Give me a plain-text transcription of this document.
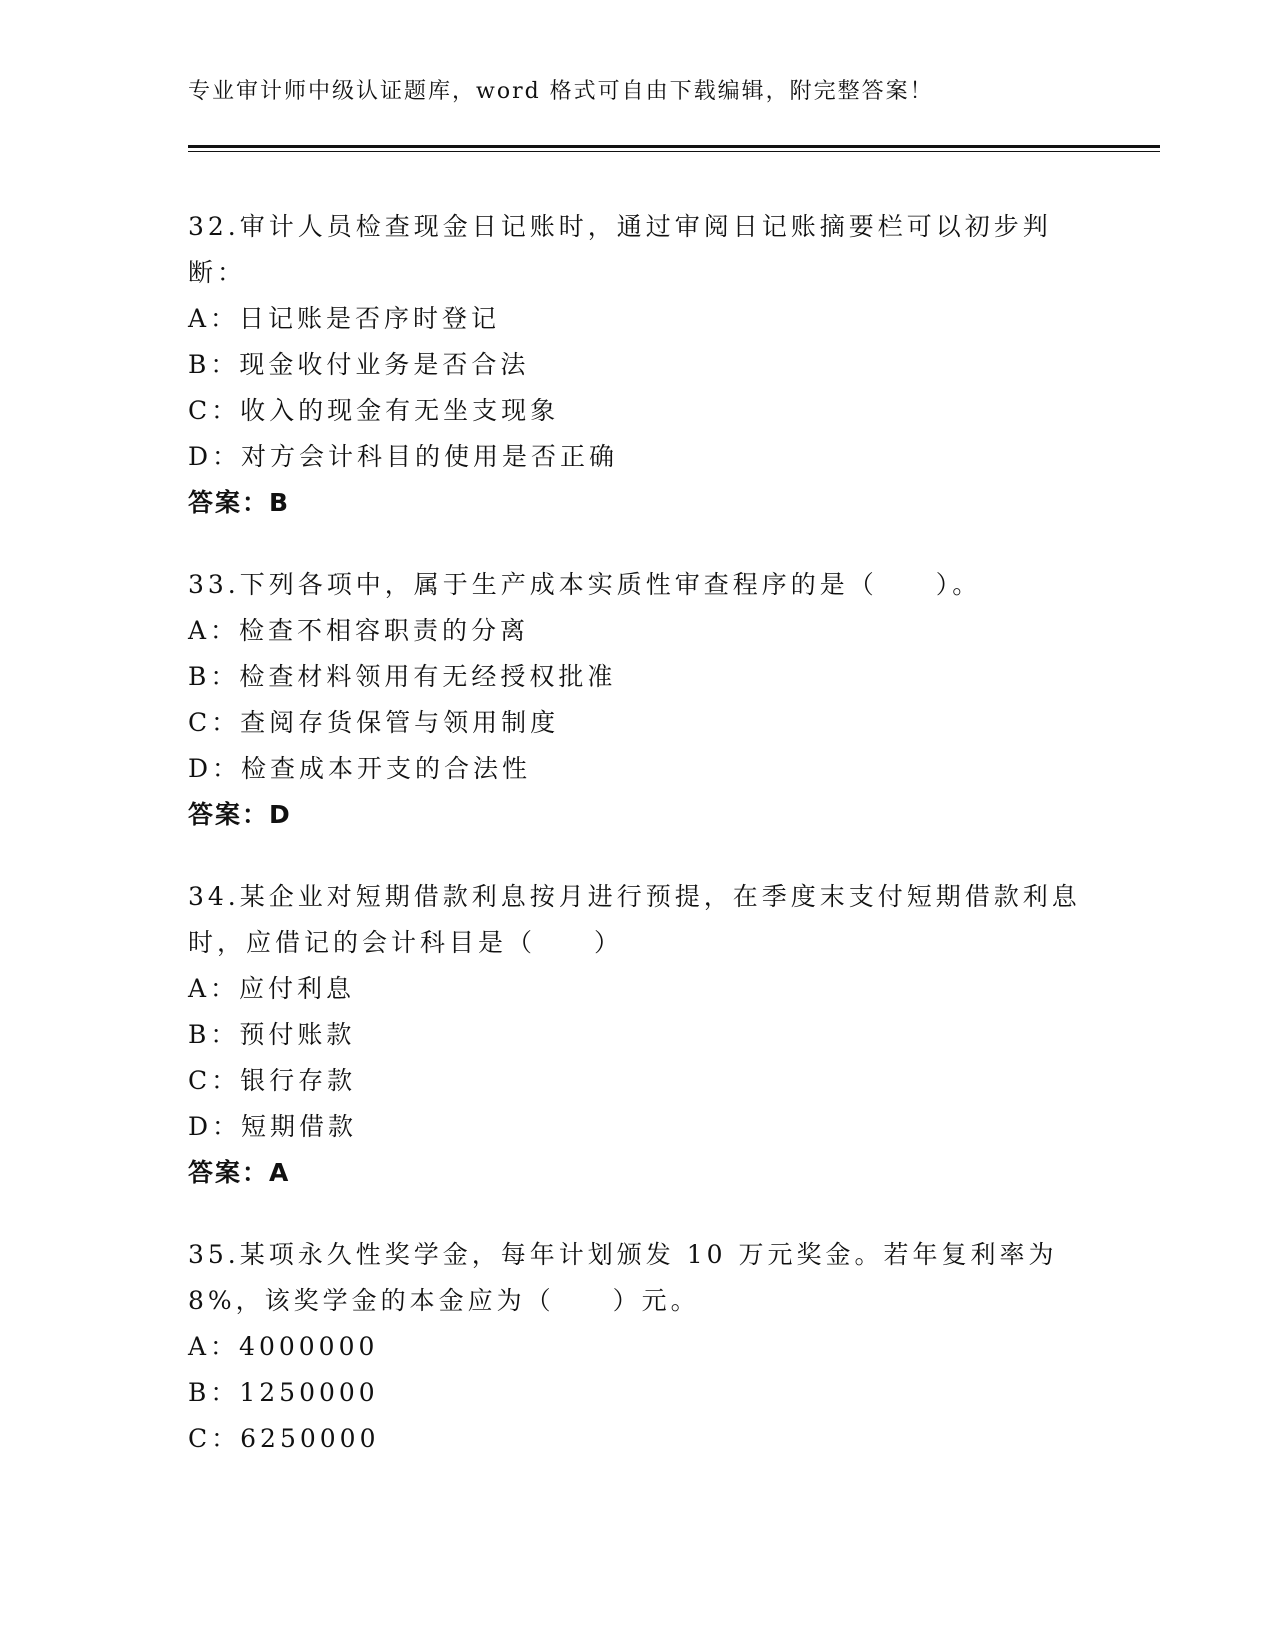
专业审计师中级认证题库，word 格式可自由下载编辑，附完整答案！

32.审计人员检查现金日记账时，通过审阅日记账摘要栏可以初步判断：

A：日记账是否序时登记

B：现金收付业务是否合法

C：收入的现金有无坐支现象

D：对方会计科目的使用是否正确

答案：B

33.下列各项中，属于生产成本实质性审查程序的是（　　）。

A：检查不相容职责的分离

B：检查材料领用有无经授权批准

C：查阅存货保管与领用制度

D：检查成本开支的合法性

答案：D

34.某企业对短期借款利息按月进行预提，在季度末支付短期借款利息时，应借记的会计科目是（　　）

A：应付利息

B：预付账款

C：银行存款

D：短期借款

答案：A

35.某项永久性奖学金，每年计划颁发 10 万元奖金。若年复利率为 8%，该奖学金的本金应为（　　）元。

A：4000000

B：1250000

C：6250000
